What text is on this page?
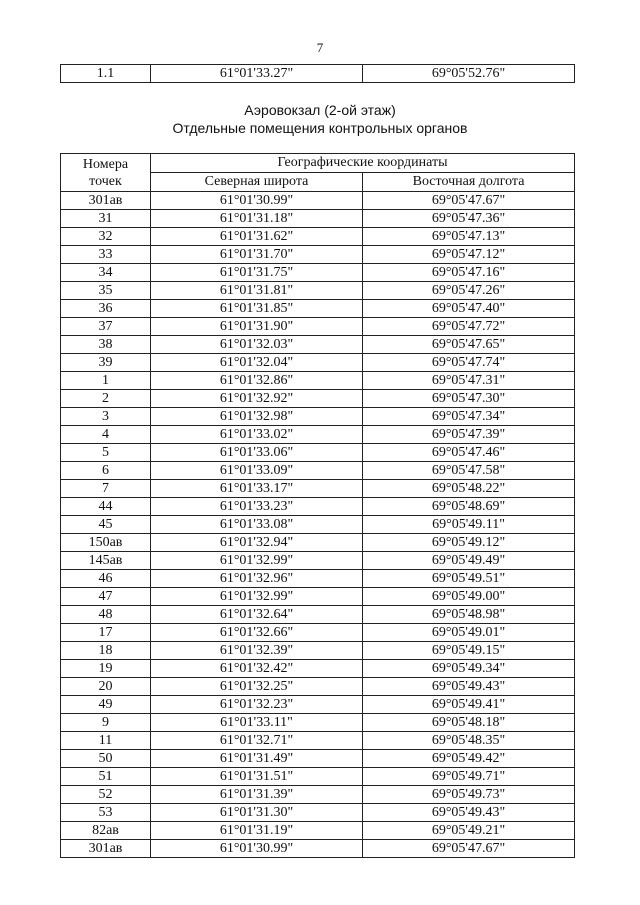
7
1.1	61°01'33.27"	69°05'52.76"
Аэровокзал (2-ой этаж)
Отдельные помещения контрольных органов
Номера
точек	Географические координаты	
	Северная широта	Восточная долгота
301ав	61°01'30.99"	69°05'47.67"
31	61°01'31.18"	69°05'47.36"
32	61°01'31.62"	69°05'47.13"
33	61°01'31.70"	69°05'47.12"
34	61°01'31.75"	69°05'47.16"
35	61°01'31.81"	69°05'47.26"
36	61°01'31.85"	69°05'47.40"
37	61°01'31.90"	69°05'47.72"
38	61°01'32.03"	69°05'47.65"
39	61°01'32.04"	69°05'47.74"
1	61°01'32.86"	69°05'47.31"
2	61°01'32.92"	69°05'47.30"
3	61°01'32.98"	69°05'47.34"
4	61°01'33.02"	69°05'47.39"
5	61°01'33.06"	69°05'47.46"
6	61°01'33.09"	69°05'47.58"
7	61°01'33.17"	69°05'48.22"
44	61°01'33.23"	69°05'48.69"
45	61°01'33.08"	69°05'49.11"
150ав	61°01'32.94"	69°05'49.12"
145ав	61°01'32.99"	69°05'49.49"
46	61°01'32.96"	69°05'49.51"
47	61°01'32.99"	69°05'49.00"
48	61°01'32.64"	69°05'48.98"
17	61°01'32.66"	69°05'49.01"
18	61°01'32.39"	69°05'49.15"
19	61°01'32.42"	69°05'49.34"
20	61°01'32.25"	69°05'49.43"
49	61°01'32.23"	69°05'49.41"
9	61°01'33.11"	69°05'48.18"
11	61°01'32.71"	69°05'48.35"
50	61°01'31.49"	69°05'49.42"
51	61°01'31.51"	69°05'49.71"
52	61°01'31.39"	69°05'49.73"
53	61°01'31.30"	69°05'49.43"
82ав	61°01'31.19"	69°05'49.21"
301ав	61°01'30.99"	69°05'47.67"
